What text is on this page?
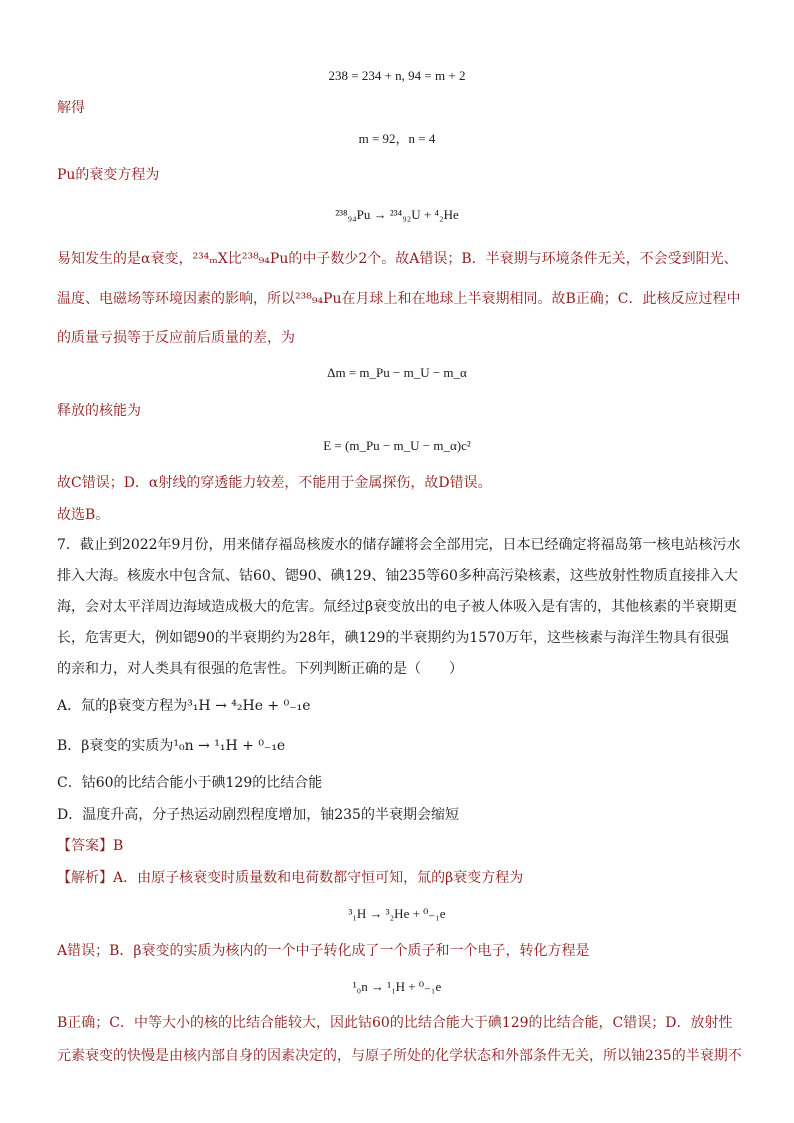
238 = 234 + n, 94 = m + 2
解得
m = 92，n = 4
Pu的衰变方程为
²³⁸₉₄Pu → ²³⁴₉₂U + ⁴₂He
易知发生的是α衰变，²³⁴ₘX比²³⁸₉₄Pu的中子数少2个。故A错误；B．半衰期与环境条件无关，不会受到阳光、
温度、电磁场等环境因素的影响，所以²³⁸₉₄Pu在月球上和在地球上半衰期相同。故B正确；C．此核反应过程中
的质量亏损等于反应前后质量的差，为
Δm = m_Pu − m_U − m_α
释放的核能为
E = (m_Pu − m_U − m_α)c²
故C错误；D．α射线的穿透能力较差，不能用于金属探伤，故D错误。
故选B。
7．截止到2022年9月份，用来储存福岛核废水的储存罐将会全部用完，日本已经确定将福岛第一核电站核污水
排入大海。核废水中包含氚、钴60、锶90、碘129、铀235等60多种高污染核素，这些放射性物质直接排入大
海，会对太平洋周边海域造成极大的危害。氚经过β衰变放出的电子被人体吸入是有害的，其他核素的半衰期更
长，危害更大，例如锶90的半衰期约为28年，碘129的半衰期约为1570万年，这些核素与海洋生物具有很强
的亲和力，对人类具有很强的危害性。下列判断正确的是（　　）
A．氚的β衰变方程为³₁H → ⁴₂He + ⁰₋₁e
B．β衰变的实质为¹₀n → ¹₁H + ⁰₋₁e
C．钴60的比结合能小于碘129的比结合能
D．温度升高，分子热运动剧烈程度增加，铀235的半衰期会缩短
【答案】B
【解析】A．由原子核衰变时质量数和电荷数都守恒可知，氚的β衰变方程为
³₁H → ³₂He + ⁰₋₁e
A错误；B．β衰变的实质为核内的一个中子转化成了一个质子和一个电子，转化方程是
¹₀n → ¹₁H + ⁰₋₁e
B正确；C．中等大小的核的比结合能较大，因此钴60的比结合能大于碘129的比结合能，C错误；D．放射性
元素衰变的快慢是由核内部自身的因素决定的，与原子所处的化学状态和外部条件无关，所以铀235的半衰期不
